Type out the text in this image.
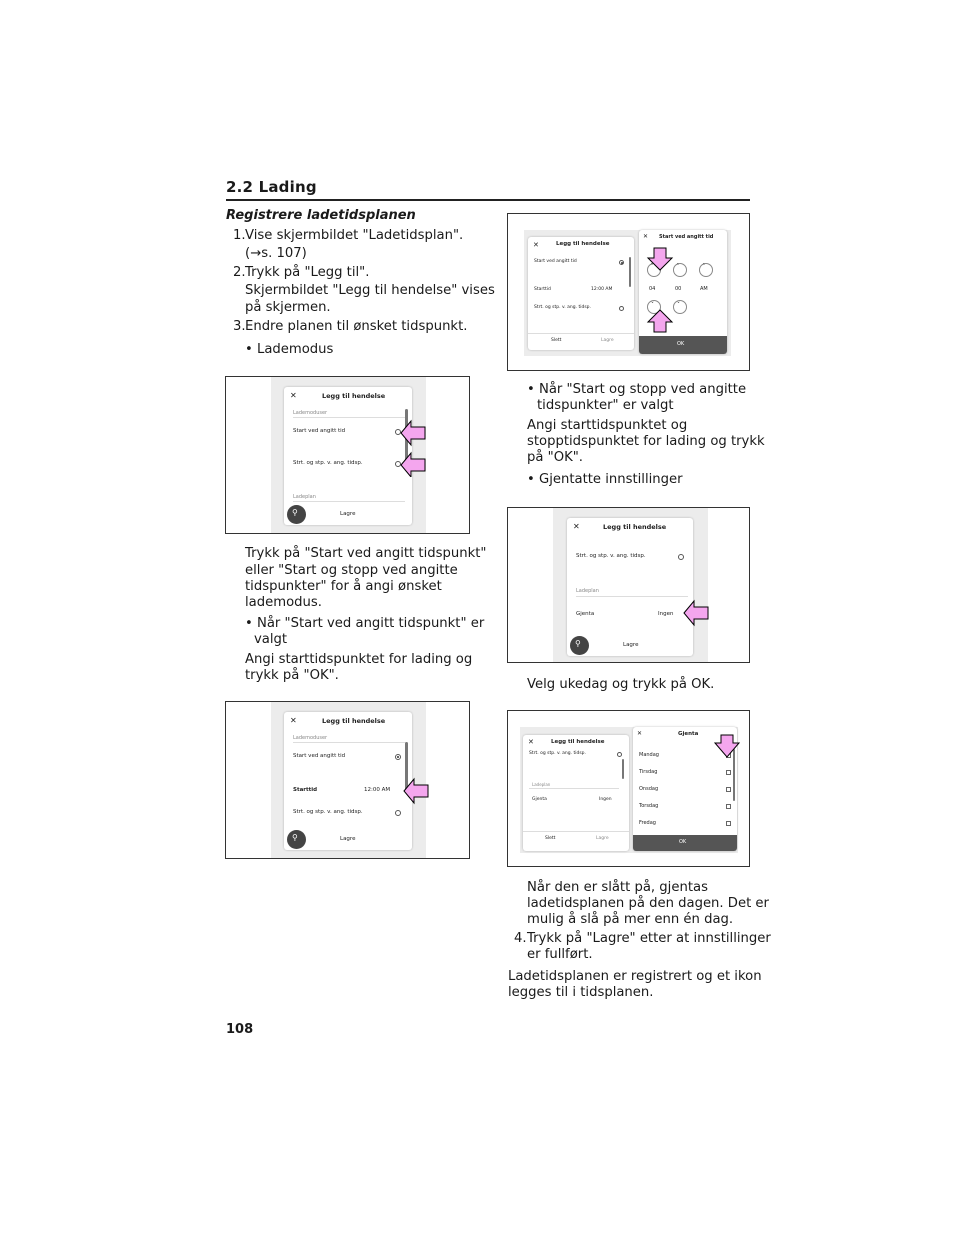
2.2 Lading
Registrere ladetidsplanen
1. Vise skjermbildet "Ladetidsplan".
(→s. 107)
2. Trykk på "Legg til".
Skjermbildet "Legg til hendelse" vises
på skjermen.
3. Endre planen til ønsket tidspunkt.
• Lademodus
✕	Legg til hendelse
Lademoduser
Start ved angitt tid
Strt. og stp. v. ang. tidsp.
Ladeplan
⚲	Lagre
Trykk på "Start ved angitt tidspunkt"
eller "Start og stopp ved angitte
tidspunkter" for å angi ønsket
lademodus.
• Når "Start ved angitt tidspunkt" er
valgt
Angi starttidspunktet for lading og
trykk på "OK".
✕	Legg til hendelse
Lademoduser
Start ved angitt tid
Starttid	12:00 AM
Strt. og stp. v. ang. tidsp.
⚲	Lagre
✕	Legg til hendelse
Start ved angitt tid
Starttid	12:00 AM
Strt. og stp. v. ang. tidsp.
Slett	Lagre
✕ Start ved angitt tid
ˆ	ˆ	ˆ
04	00	AM
ˇ	ˇ
OK
• Når "Start og stopp ved angitte
tidspunkter" er valgt
Angi starttidspunktet og
stopptidspunktet for lading og trykk
på "OK".
• Gjentatte innstillinger
✕	Legg til hendelse
Strt. og stp. v. ang. tidsp.
Ladeplan
Gjenta	Ingen
⚲	Lagre
Velg ukedag og trykk på OK.
✕	Legg til hendelse
Strt. og stp. v. ang. tidsp.
Ladeplan
Gjenta	Ingen
Slett	Lagre
✕	Gjenta
Mandag
Tirsdag
Onsdag
Torsdag
Fredag
OK
Når den er slått på, gjentas
ladetidsplanen på den dagen. Det er
mulig å slå på mer enn én dag.
4. Trykk på "Lagre" etter at innstillinger
er fullført.
Ladetidsplanen er registrert og et ikon
legges til i tidsplanen.
108
